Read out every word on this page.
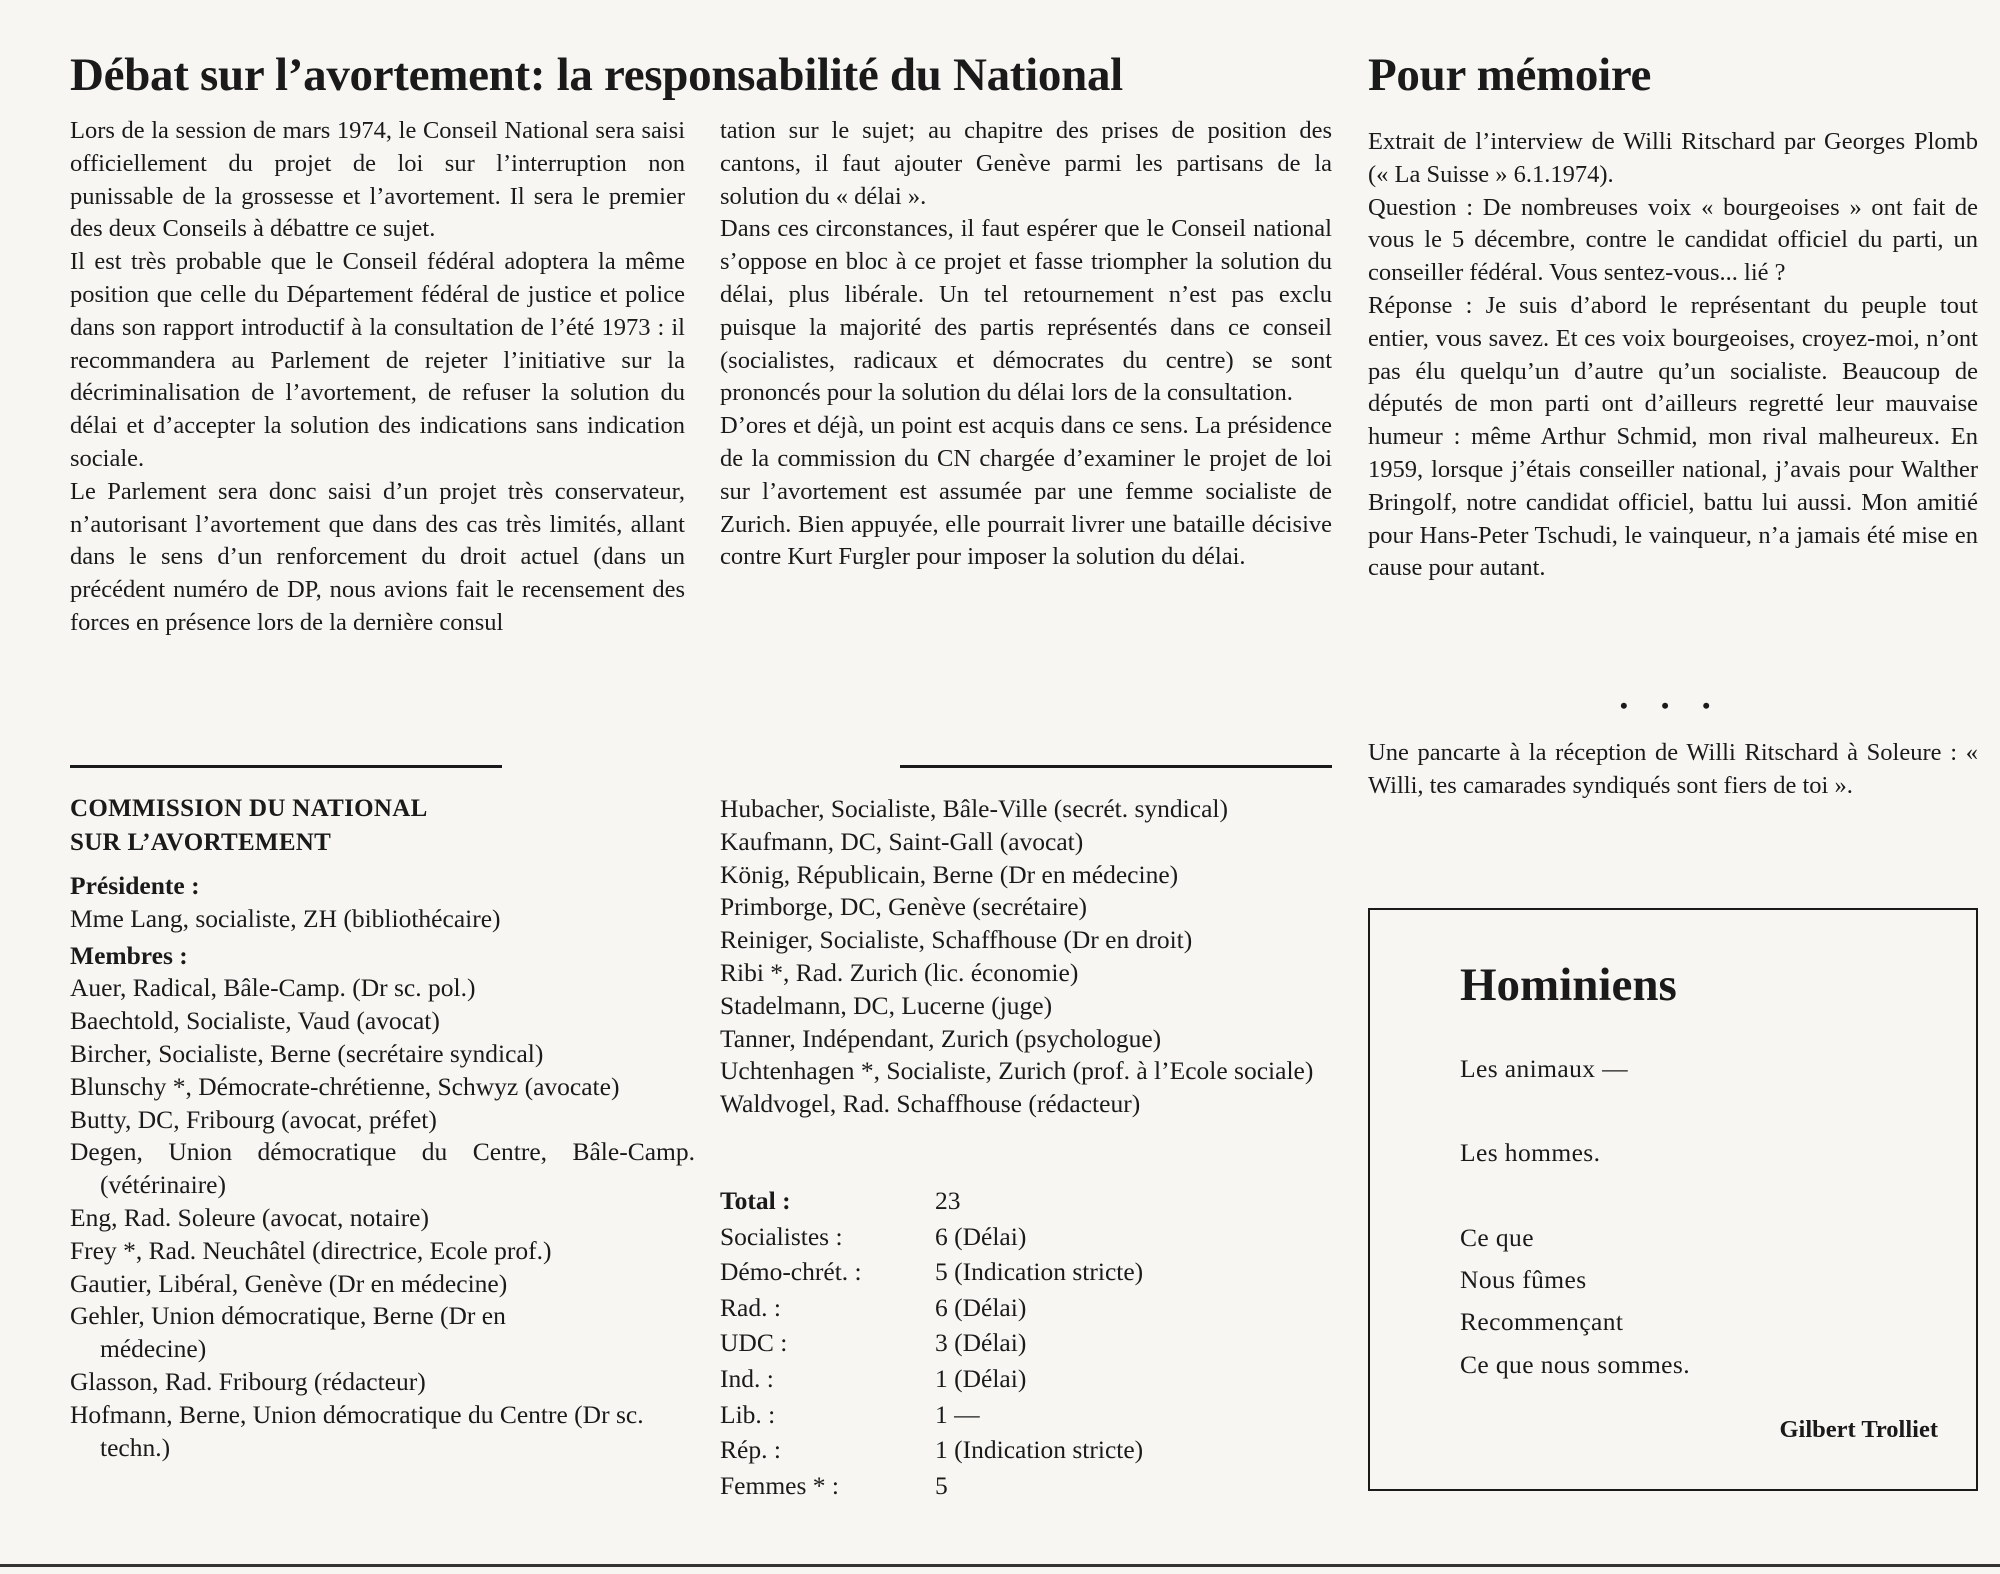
Débat sur l’avortement: la responsabilité du National	Pour mémoire

Lors de la session de mars 1974, le Conseil National sera saisi officiellement du projet de loi sur l’interruption non punissable de la grossesse et l’avortement. Il sera le premier des deux Conseils à débattre ce sujet.

Il est très probable que le Conseil fédéral adoptera la même position que celle du Département fédéral de justice et police dans son rapport introductif à la consultation de l’été 1973 : il recommandera au Parlement de rejeter l’initiative sur la décriminalisation de l’avortement, de refuser la solution du délai et d’accepter la solution des indications sans indication sociale.

Le Parlement sera donc saisi d’un projet très conservateur, n’autorisant l’avortement que dans des cas très limités, allant dans le sens d’un renforcement du droit actuel (dans un précédent numéro de DP, nous avions fait le recensement des forces en présence lors de la dernière consul

tation sur le sujet; au chapitre des prises de position des cantons, il faut ajouter Genève parmi les partisans de la solution du « délai ».

Dans ces circonstances, il faut espérer que le Conseil national s’oppose en bloc à ce projet et fasse triompher la solution du délai, plus libérale. Un tel retournement n’est pas exclu puisque la majorité des partis représentés dans ce conseil (socialistes, radicaux et démocrates du centre) se sont prononcés pour la solution du délai lors de la consultation.

D’ores et déjà, un point est acquis dans ce sens. La présidence de la commission du CN chargée d’examiner le projet de loi sur l’avortement est assumée par une femme socialiste de Zurich. Bien appuyée, elle pourrait livrer une bataille décisive contre Kurt Furgler pour imposer la solution du délai.

COMMISSION DU NATIONAL
SUR L’AVORTEMENT
Présidente :
Mme Lang, socialiste, ZH (bibliothécaire)
Membres :
Auer, Radical, Bâle-Camp. (Dr sc. pol.)
Baechtold, Socialiste, Vaud (avocat)
Bircher, Socialiste, Berne (secrétaire syndical)
Blunschy *, Démocrate-chrétienne, Schwyz (avocate)
Butty, DC, Fribourg (avocat, préfet)
Degen, Union démocratique du Centre, Bâle-Camp. (vétérinaire)
Eng, Rad. Soleure (avocat, notaire)
Frey *, Rad. Neuchâtel (directrice, Ecole prof.)
Gautier, Libéral, Genève (Dr en médecine)
Gehler, Union démocratique, Berne (Dr en médecine)
Glasson, Rad. Fribourg (rédacteur)
Hofmann, Berne, Union démocratique du Centre (Dr sc. techn.)
Hubacher, Socialiste, Bâle-Ville (secrét. syndical)
Kaufmann, DC, Saint-Gall (avocat)
König, Républicain, Berne (Dr en médecine)
Primborge, DC, Genève (secrétaire)
Reiniger, Socialiste, Schaffhouse (Dr en droit)
Ribi *, Rad. Zurich (lic. économie)
Stadelmann, DC, Lucerne (juge)
Tanner, Indépendant, Zurich (psychologue)
Uchtenhagen *, Socialiste, Zurich (prof. à l’Ecole sociale)
Waldvogel, Rad. Schaffhouse (rédacteur)
Total :	23
Socialistes :	6 (Délai)
Démo-chrét. :	5 (Indication stricte)
Rad. :	6 (Délai)
UDC :	3 (Délai)
Ind. :	1 (Délai)
Lib. :	1 —
Rép. :	1 (Indication stricte)
Femmes * :	5

Extrait de l’interview de Willi Ritschard par Georges Plomb (« La Suisse » 6.1.1974).

Question : De nombreuses voix « bourgeoises » ont fait de vous le 5 décembre, contre le candidat officiel du parti, un conseiller fédéral. Vous sentez-vous... lié ?

Réponse : Je suis d’abord le représentant du peuple tout entier, vous savez. Et ces voix bourgeoises, croyez-moi, n’ont pas élu quelqu’un d’autre qu’un socialiste. Beaucoup de députés de mon parti ont d’ailleurs regretté leur mauvaise humeur : même Arthur Schmid, mon rival malheureux. En 1959, lorsque j’étais conseiller national, j’avais pour Walther Bringolf, notre candidat officiel, battu lui aussi. Mon amitié pour Hans-Peter Tschudi, le vainqueur, n’a jamais été mise en cause pour autant.

• • •

Une pancarte à la réception de Willi Ritschard à Soleure : « Willi, tes camarades syndiqués sont fiers de toi ».

Hominiens
Les animaux —
Les hommes.
Ce que
Nous fûmes
Recommençant
Ce que nous sommes.
Gilbert Trolliet
